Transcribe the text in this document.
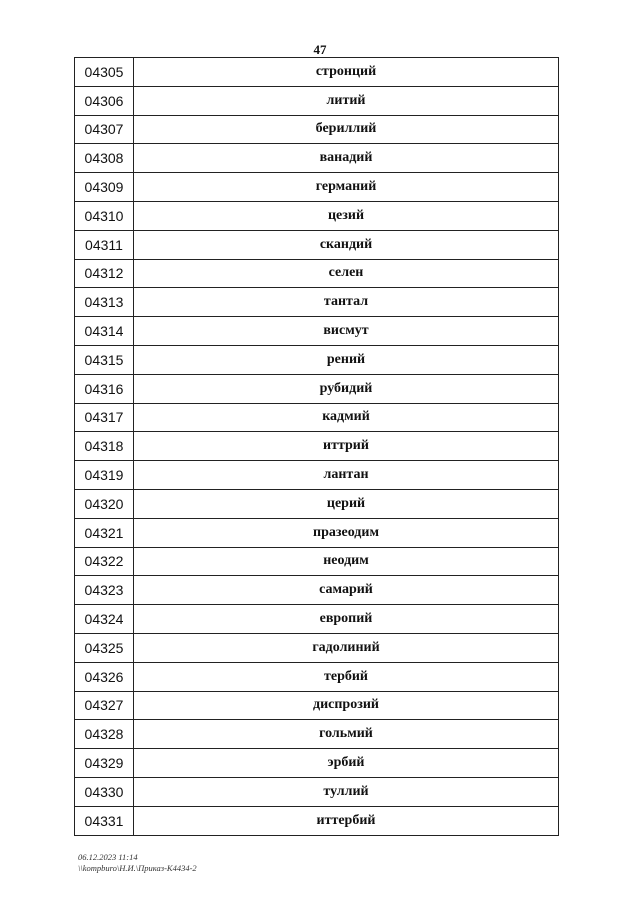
47
04305	стронций
04306	литий
04307	бериллий
04308	ванадий
04309	германий
04310	цезий
04311	скандий
04312	селен
04313	тантал
04314	висмут
04315	рений
04316	рубидий
04317	кадмий
04318	иттрий
04319	лантан
04320	церий
04321	празеодим
04322	неодим
04323	самарий
04324	европий
04325	гадолиний
04326	тербий
04327	диспрозий
04328	гольмий
04329	эрбий
04330	туллий
04331	иттербий
06.12.2023 11:14
\\kompburo\Н.И.\Приказ-К4434-2
